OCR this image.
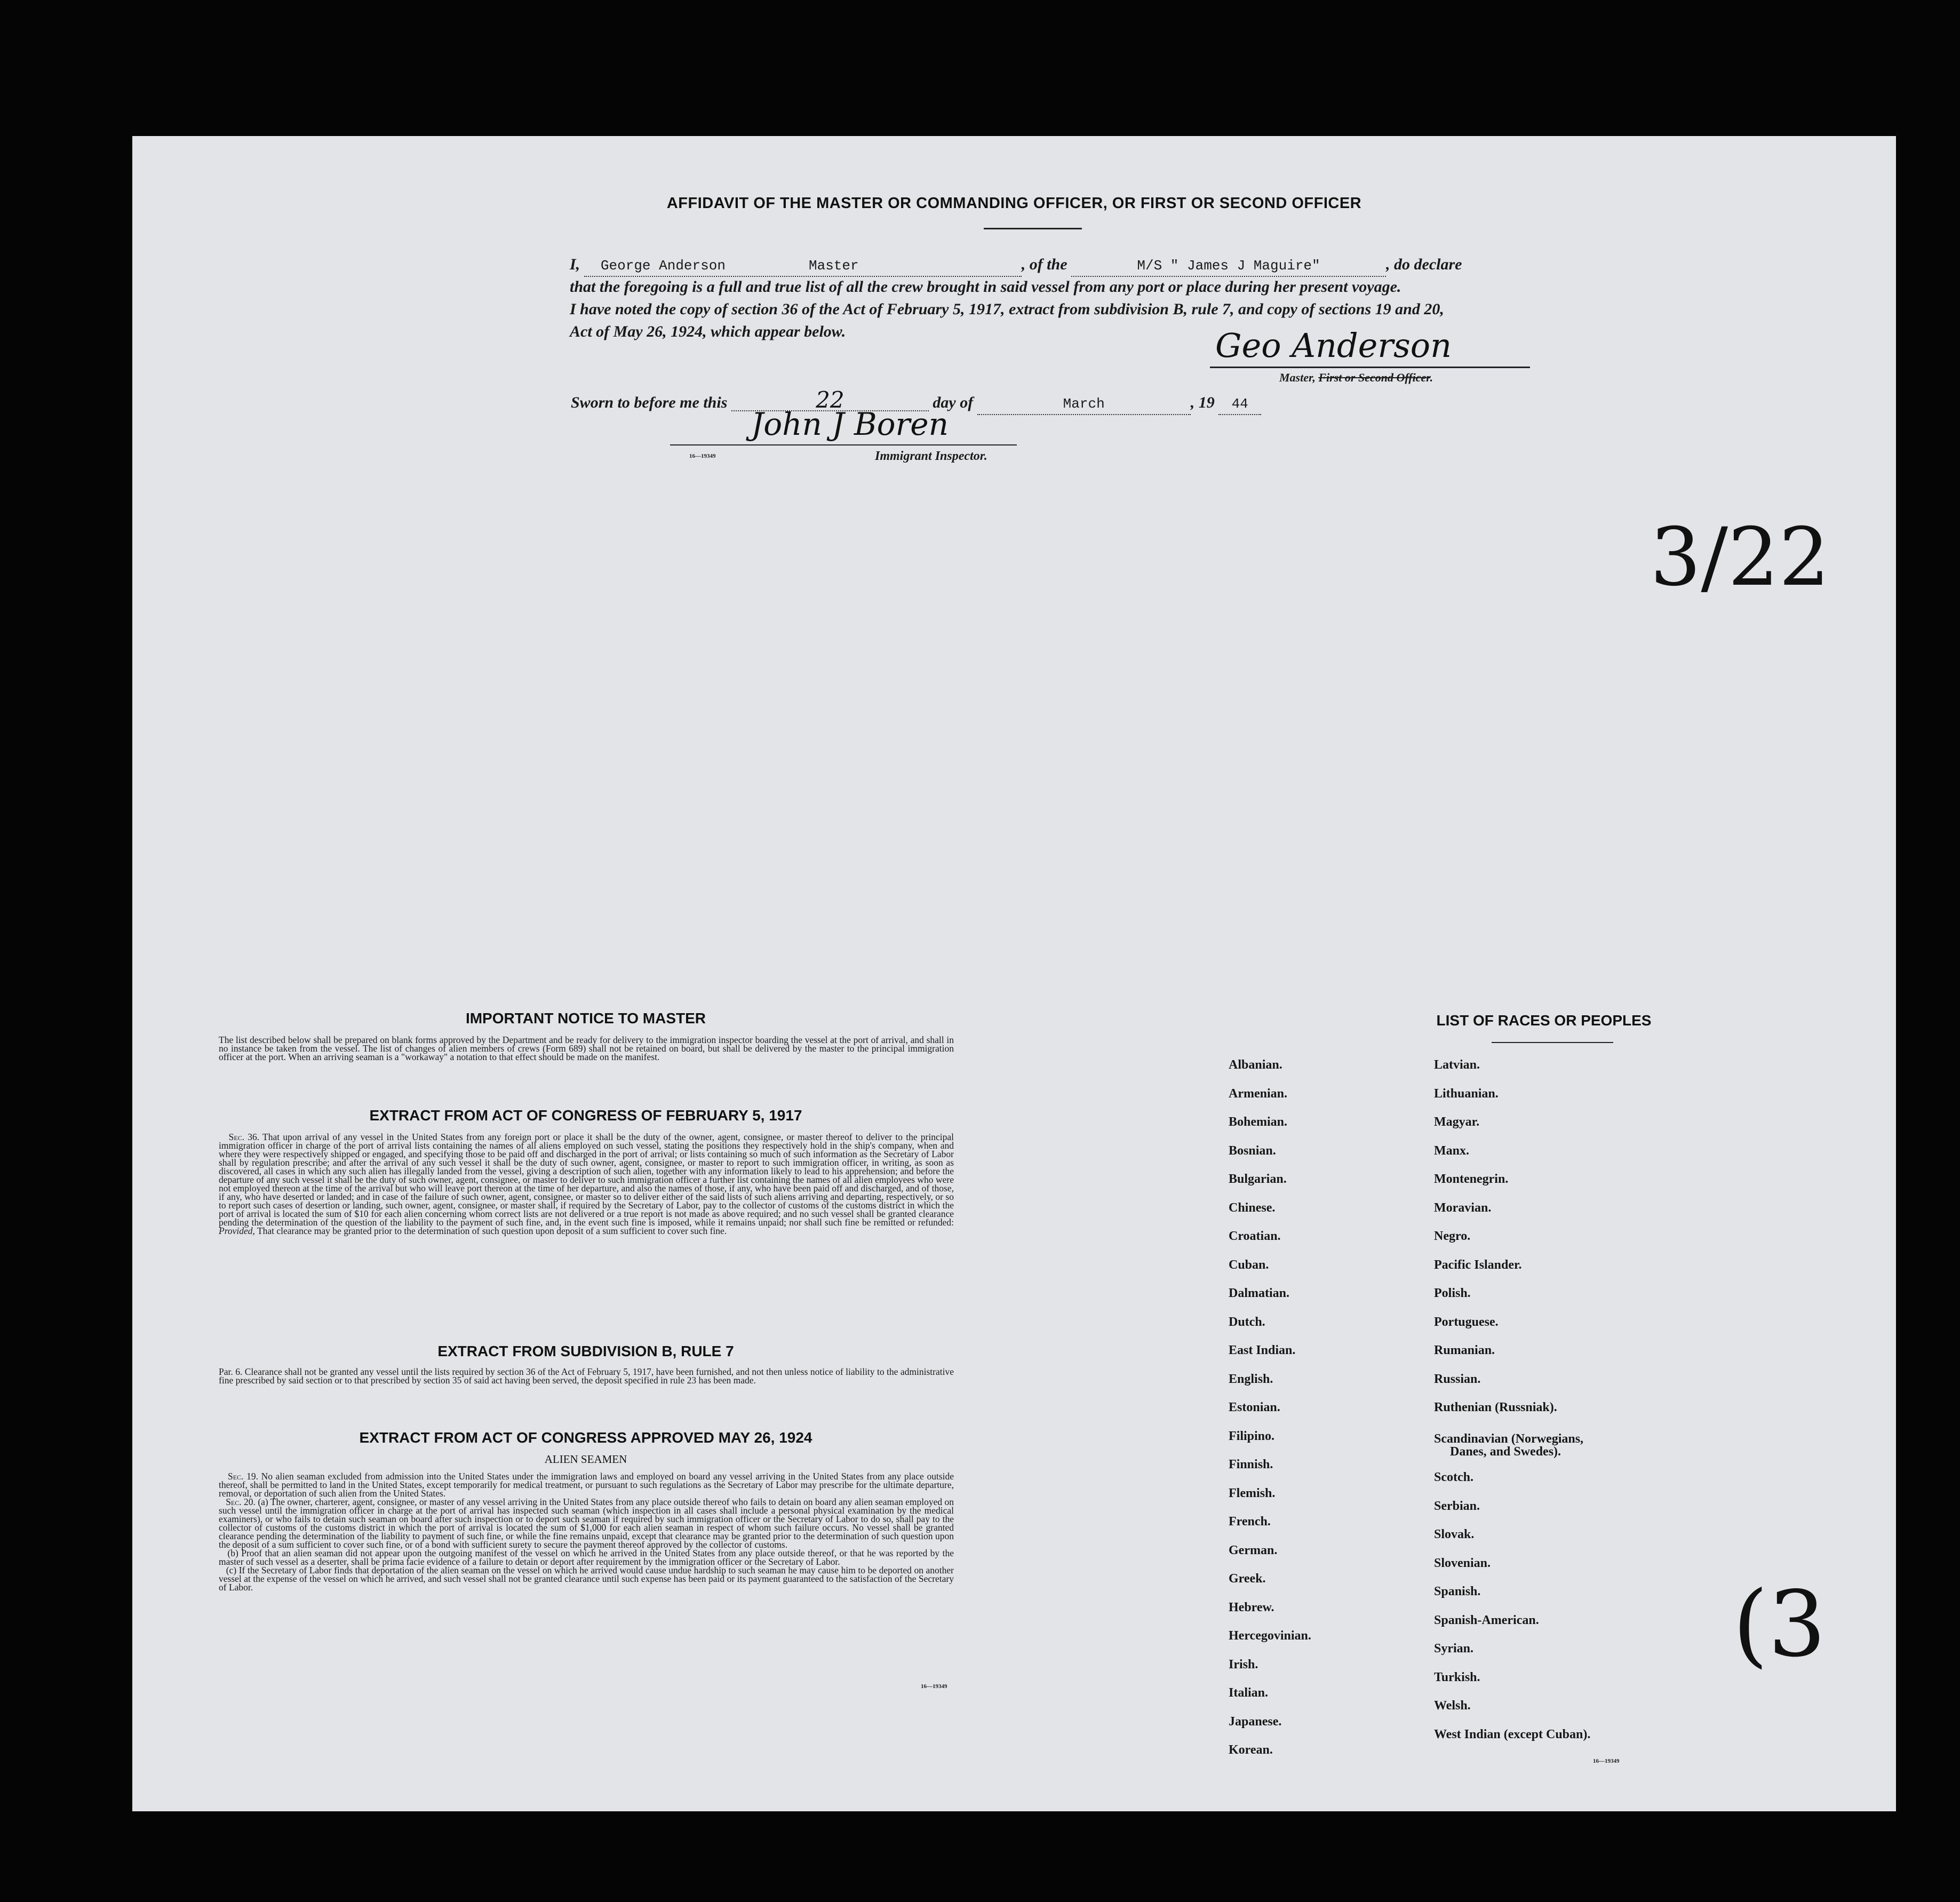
AFFIDAVIT OF THE MASTER OR COMMANDING OFFICER, OR FIRST OR SECOND OFFICER
I, George Anderson	Master	, of the	M/S " James J Maguire"	, do declare
that the foregoing is a full and true list of all the crew brought in said vessel from any port or place during her present voyage.
I have noted the copy of section 36 of the Act of February 5, 1917, extract from subdivision B, rule 7, and copy of sections 19 and 20,
Act of May 26, 1924, which appear below.	Geo Anderson
Master, First or Second Officer.
Sworn to before me this	22	day of	March	, 19 44
John J Boren
16—19349	Immigrant Inspector.
3/22
IMPORTANT NOTICE TO MASTER
The list described below shall be prepared on blank forms approved by the Department and be ready for delivery to the immigration inspector boarding the vessel at the port of arrival, and shall in no instance be taken from the vessel. The list of changes of alien members of crews (Form 689) shall not be retained on board, but shall be delivered by the master to the principal immigration officer at the port. When an arriving seaman is a "workaway" a notation to that effect should be made on the manifest.
EXTRACT FROM ACT OF CONGRESS OF FEBRUARY 5, 1917
Sec. 36. That upon arrival of any vessel in the United States from any foreign port or place it shall be the duty of the owner, agent, consignee, or master thereof to deliver to the principal immigration officer in charge of the port of arrival lists containing the names of all aliens employed on such vessel, stating the positions they respectively hold in the ship's company, when and where they were respectively shipped or engaged, and specifying those to be paid off and discharged in the port of arrival; or lists containing so much of such information as the Secretary of Labor shall by regulation prescribe; and after the arrival of any such vessel it shall be the duty of such owner, agent, consignee, or master to report to such immigration officer, in writing, as soon as discovered, all cases in which any such alien has illegally landed from the vessel, giving a description of such alien, together with any information likely to lead to his apprehension; and before the departure of any such vessel it shall be the duty of such owner, agent, consignee, or master to deliver to such immigration officer a further list containing the names of all alien employees who were not employed thereon at the time of the arrival but who will leave port thereon at the time of her departure, and also the names of those, if any, who have been paid off and discharged, and of those, if any, who have deserted or landed; and in case of the failure of such owner, agent, consignee, or master so to deliver either of the said lists of such aliens arriving and departing, respectively, or so to report such cases of desertion or landing, such owner, agent, consignee, or master shall, if required by the Secretary of Labor, pay to the collector of customs of the customs district in which the port of arrival is located the sum of $10 for each alien concerning whom correct lists are not delivered or a true report is not made as above required; and no such vessel shall be granted clearance pending the determination of the question of the liability to the payment of such fine, and, in the event such fine is imposed, while it remains unpaid; nor shall such fine be remitted or refunded: Provided, That clearance may be granted prior to the determination of such question upon deposit of a sum sufficient to cover such fine.
EXTRACT FROM SUBDIVISION B, RULE 7
Par. 6. Clearance shall not be granted any vessel until the lists required by section 36 of the Act of February 5, 1917, have been furnished, and not then unless notice of liability to the administrative fine prescribed by said section or to that prescribed by section 35 of said act having been served, the deposit specified in rule 23 has been made.
EXTRACT FROM ACT OF CONGRESS APPROVED MAY 26, 1924
ALIEN SEAMEN
Sec. 19. No alien seaman excluded from admission into the United States under the immigration laws and employed on board any vessel arriving in the United States from any place outside thereof, shall be permitted to land in the United States, except temporarily for medical treatment, or pursuant to such regulations as the Secretary of Labor may prescribe for the ultimate departure, removal, or deportation of such alien from the United States.
Sec. 20. (a) The owner, charterer, agent, consignee, or master of any vessel arriving in the United States from any place outside thereof who fails to detain on board any alien seaman employed on such vessel until the immigration officer in charge at the port of arrival has inspected such seaman (which inspection in all cases shall include a personal physical examination by the medical examiners), or who fails to detain such seaman on board after such inspection or to deport such seaman if required by such immigration officer or the Secretary of Labor to do so, shall pay to the collector of customs of the customs district in which the port of arrival is located the sum of $1,000 for each alien seaman in respect of whom such failure occurs. No vessel shall be granted clearance pending the determination of the liability to payment of such fine, or while the fine remains unpaid, except that clearance may be granted prior to the determination of such question upon the deposit of a sum sufficient to cover such fine, or of a bond with sufficient surety to secure the payment thereof approved by the collector of customs.
(b) Proof that an alien seaman did not appear upon the outgoing manifest of the vessel on which he arrived in the United States from any place outside thereof, or that he was reported by the master of such vessel as a deserter, shall be prima facie evidence of a failure to detain or deport after requirement by the immigration officer or the Secretary of Labor.
(c) If the Secretary of Labor finds that deportation of the alien seaman on the vessel on which he arrived would cause undue hardship to such seaman he may cause him to be deported on another vessel at the expense of the vessel on which he arrived, and such vessel shall not be granted clearance until such expense has been paid or its payment guaranteed to the satisfaction of the Secretary of Labor.
16—19349
LIST OF RACES OR PEOPLES
Albanian.
Armenian.
Bohemian.
Bosnian.
Bulgarian.
Chinese.
Croatian.
Cuban.
Dalmatian.
Dutch.
East Indian.
English.
Estonian.
Filipino.
Finnish.
Flemish.
French.
German.
Greek.
Hebrew.
Hercegovinian.
Irish.
Italian.
Japanese.
Korean.
Latvian.
Lithuanian.
Magyar.
Manx.
Montenegrin.
Moravian.
Negro.
Pacific Islander.
Polish.
Portuguese.
Rumanian.
Russian.
Ruthenian (Russniak).
Scandinavian (Norwegians,
Scotch.
Serbian.
Slovak.
Slovenian.
Spanish.
Spanish-American.
Syrian.
Turkish.
Welsh.
West Indian (except Cuban).
Danes, and Swedes).
16—19349
(3
